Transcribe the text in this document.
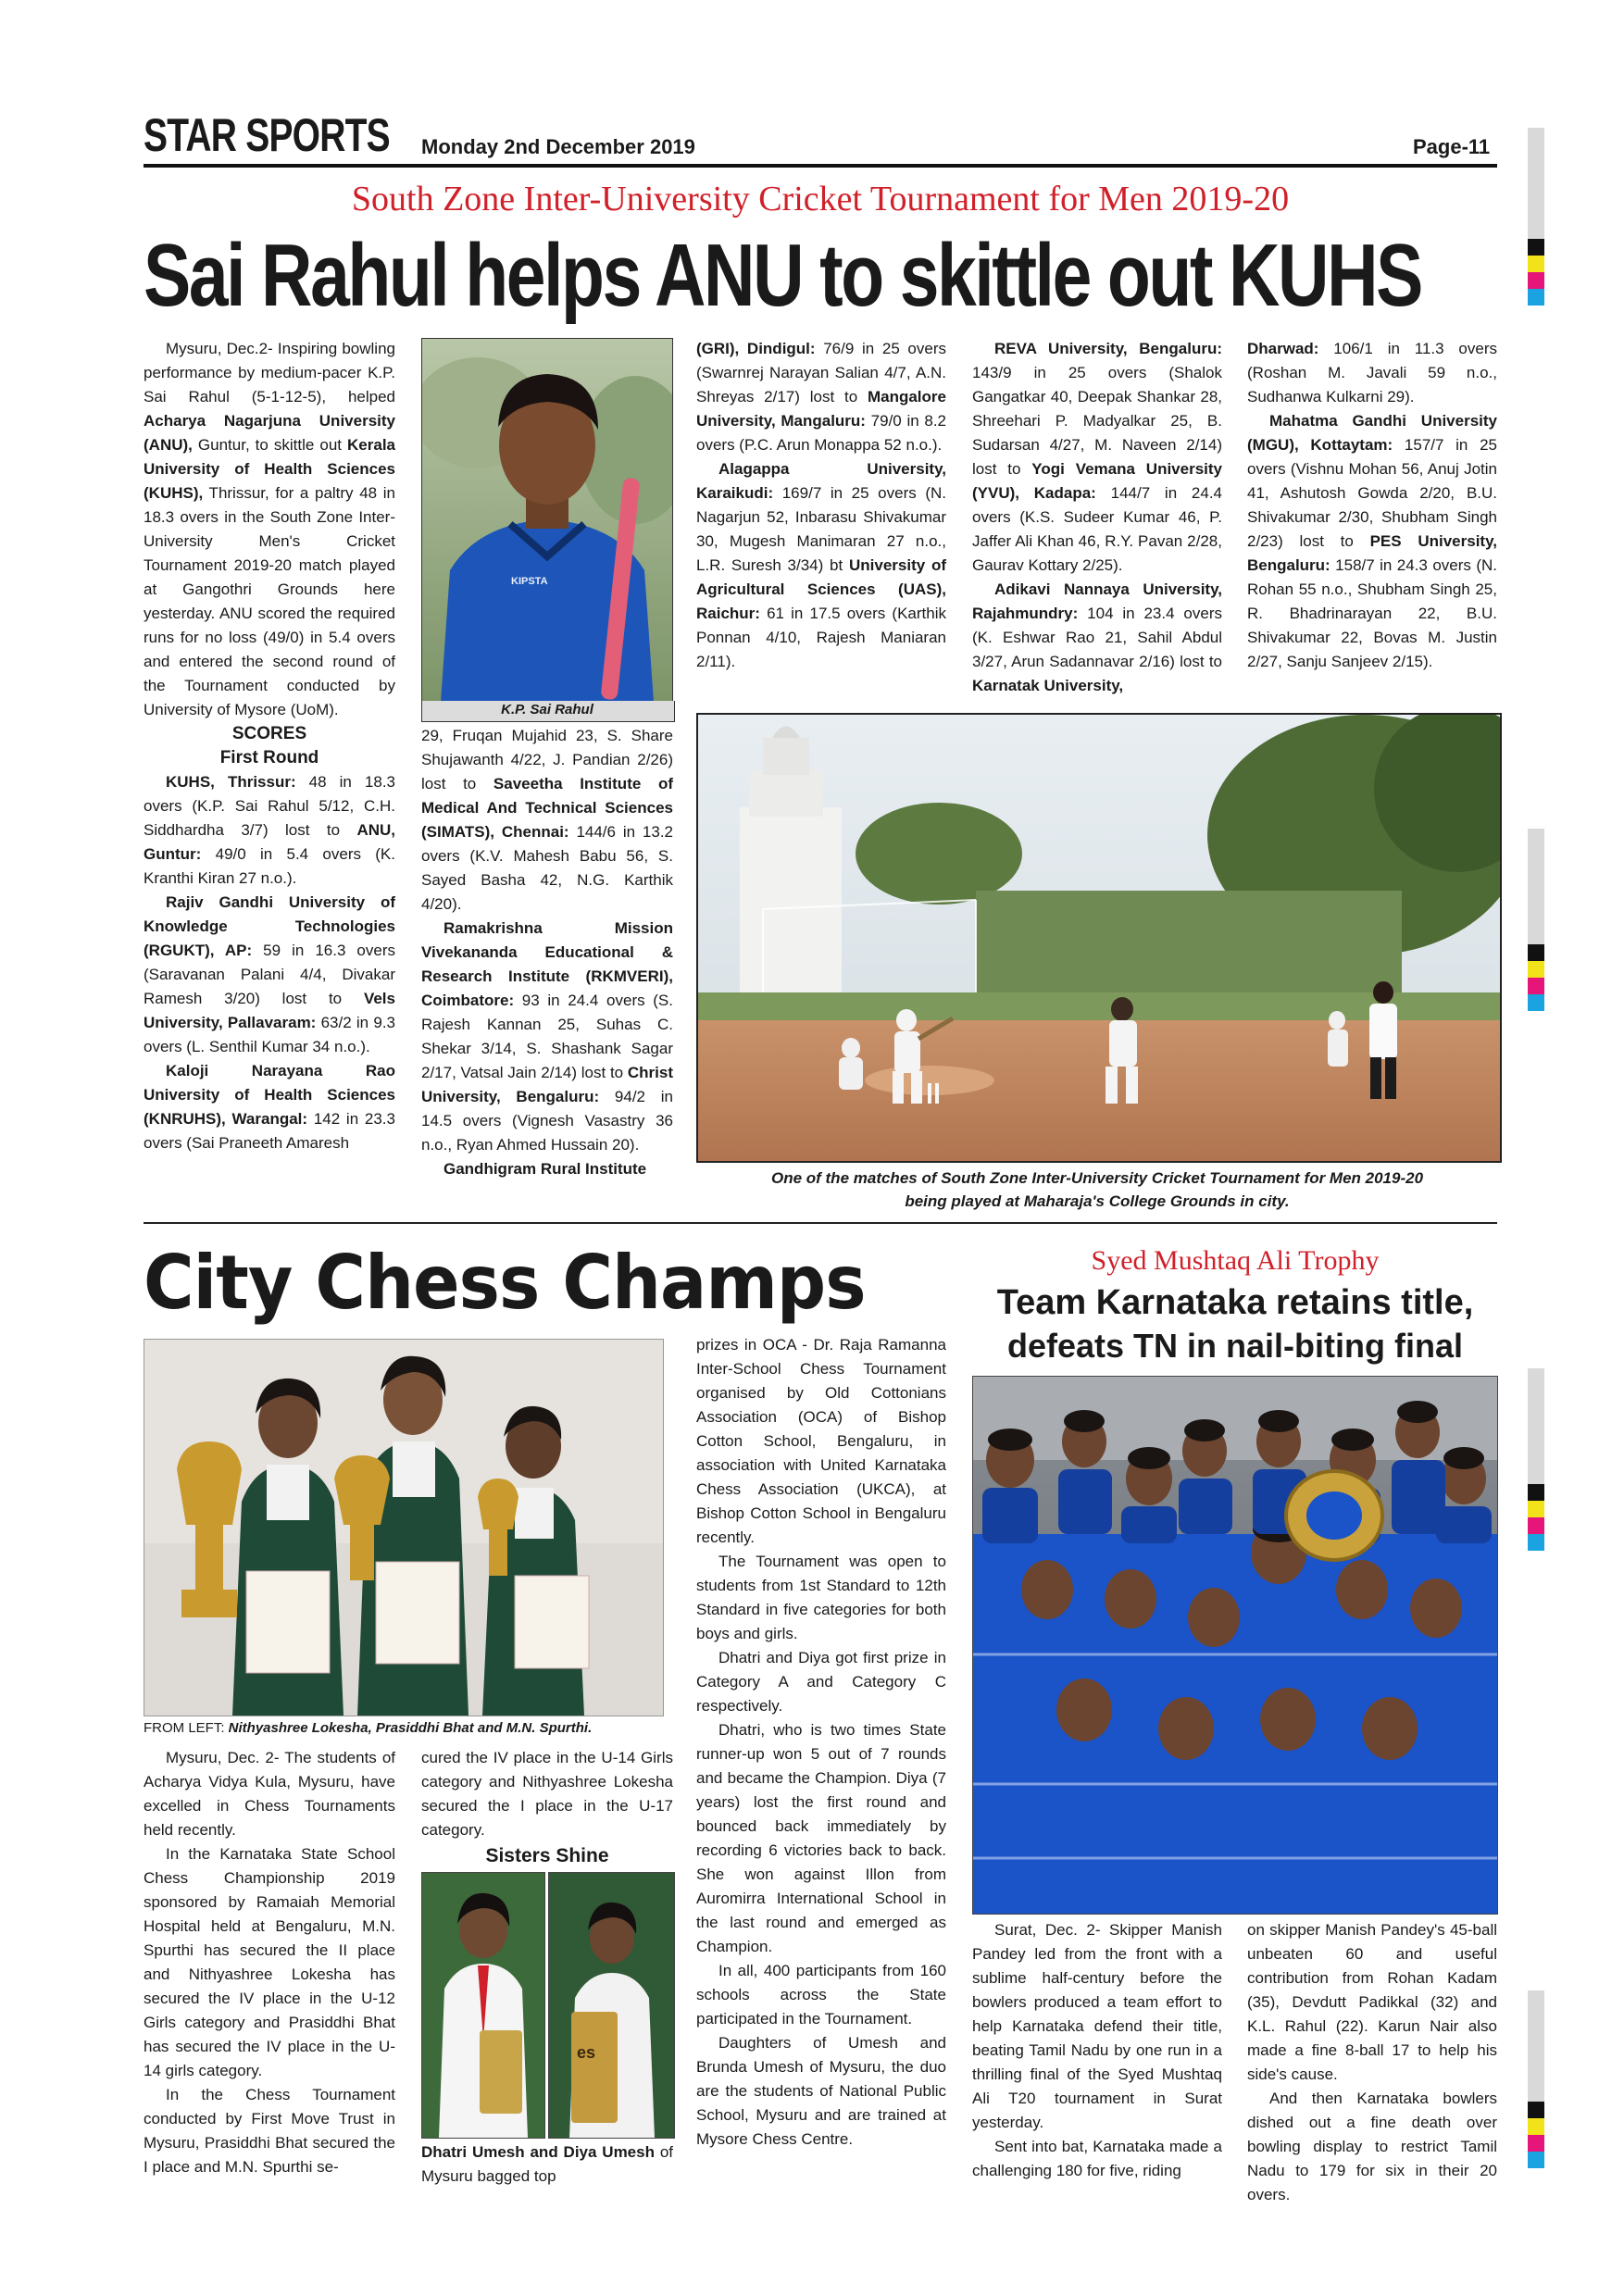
STAR SPORTS Monday 2nd December 2019	Page-11
South Zone Inter-University Cricket Tournament for Men 2019-20
Sai Rahul helps ANU to skittle out KUHS

Mysuru, Dec.2- Inspiring bowling performance by medium-pacer K.P. Sai Rahul (5-1-12-5), helped Acharya Nagarjuna University (ANU), Guntur, to skittle out Kerala University of Health Sciences (KUHS), Thrissur, for a paltry 48 in 18.3 overs in the South Zone Inter-University Men's Cricket Tournament 2019-20 match played at Gangothri Grounds here yesterday. ANU scored the required runs for no loss (49/0) in 5.4 overs and entered the second round of the Tournament conducted by University of Mysore (UoM).

SCORES
First Round

KUHS, Thrissur: 48 in 18.3 overs (K.P. Sai Rahul 5/12, C.H. Siddhardha 3/7) lost to ANU, Guntur: 49/0 in 5.4 overs (K. Kranthi Kiran 27 n.o.).

Rajiv Gandhi University of Knowledge Technologies (RGUKT), AP: 59 in 16.3 overs (Saravanan Palani 4/4, Divakar Ramesh 3/20) lost to Vels University, Pallavaram: 63/2 in 9.3 overs (L. Senthil Kumar 34 n.o.).

Kaloji Narayana Rao University of Health Sciences (KNRUHS), Warangal: 142 in 23.3 overs (Sai Praneeth Amaresh

KIPSTA
K.P. Sai Rahul

29, Fruqan Mujahid 23, S. Share Shujawanth 4/22, J. Pandian 2/26) lost to Saveetha Institute of Medical And Technical Sciences (SIMATS), Chennai: 144/6 in 13.2 overs (K.V. Mahesh Babu 56, S. Sayed Basha 42, N.G. Karthik 4/20).

Ramakrishna Mission Vivekananda Educational & Research Institute (RKMVERI), Coimbatore: 93 in 24.4 overs (S. Rajesh Kannan 25, Suhas C. Shekar 3/14, S. Shashank Sagar 2/17, Vatsal Jain 2/14) lost to Christ University, Bengaluru: 94/2 in 14.5 overs (Vignesh Vasastry 36 n.o., Ryan Ahmed Hussain 20).

Gandhigram Rural Institute

(GRI), Dindigul: 76/9 in 25 overs (Swarnrej Narayan Salian 4/7, A.N. Shreyas 2/17) lost to Mangalore University, Mangaluru: 79/0 in 8.2 overs (P.C. Arun Monappa 52 n.o.).

Alagappa University, Karaikudi: 169/7 in 25 overs (N. Nagarjun 52, Inbarasu Shivakumar 30, Mugesh Manimaran 27 n.o., L.R. Suresh 3/34) bt University of Agricultural Sciences (UAS), Raichur: 61 in 17.5 overs (Karthik Ponnan 4/10, Rajesh Maniaran 2/11).

REVA University, Bengaluru: 143/9 in 25 overs (Shalok Gangatkar 40, Deepak Shankar 28, Shreehari P. Madyalkar 25, B. Sudarsan 4/27, M. Naveen 2/14) lost to Yogi Vemana University (YVU), Kadapa: 144/7 in 24.4 overs (K.S. Sudeer Kumar 46, P. Jaffer Ali Khan 46, R.Y. Pavan 2/28, Gaurav Kottary 2/25).

Adikavi Nannaya University, Rajahmundry: 104 in 23.4 overs (K. Eshwar Rao 21, Sahil Abdul 3/27, Arun Sadannavar 2/16) lost to Karnatak University,

Dharwad: 106/1 in 11.3 overs (Roshan M. Javali 59 n.o., Sudhanwa Kulkarni 29).

Mahatma Gandhi University (MGU), Kottaytam: 157/7 in 25 overs (Vishnu Mohan 56, Anuj Jotin 41, Ashutosh Gowda 2/20, B.U. Shivakumar 2/30, Shubham Singh 2/23) lost to PES University, Bengaluru: 158/7 in 24.3 overs (N. Rohan 55 n.o., Shubham Singh 25, R. Bhadrinarayan 22, B.U. Shivakumar 22, Bovas M. Justin 2/27, Sanju Sanjeev 2/15).

One of the matches of South Zone Inter-University Cricket Tournament for Men 2019-20
being played at Maharaja's College Grounds in city.
City Chess Champs
FROM LEFT: Nithyashree Lokesha, Prasiddhi Bhat and M.N. Spurthi.

Mysuru, Dec. 2- The students of Acharya Vidya Kula, Mysuru, have excelled in Chess Tournaments held recently.

In the Karnataka State School Chess Championship 2019 sponsored by Ramaiah Memorial Hospital held at Bengaluru, M.N. Spurthi has secured the II place and Nithyashree Lokesha has secured the IV place in the U-12 Girls category and Prasiddhi Bhat has secured the IV place in the U-14 girls category.

In the Chess Tournament conducted by First Move Trust in Mysuru, Prasiddhi Bhat secured the I place and M.N. Spurthi se-

cured the IV place in the U-14 Girls category and Nithyashree Lokesha secured the I place in the U-17 category.

Sisters Shine
es

Dhatri Umesh and Diya Umesh of Mysuru bagged top

prizes in OCA - Dr. Raja Ramanna Inter-School Chess Tournament organised by Old Cottonians Association (OCA) of Bishop Cotton School, Bengaluru, in association with United Karnataka Chess Association (UKCA), at Bishop Cotton School in Bengaluru recently.

The Tournament was open to students from 1st Standard to 12th Standard in five categories for both boys and girls.

Dhatri and Diya got first prize in Category A and Category C respectively.

Dhatri, who is two times State runner-up won 5 out of 7 rounds and became the Champion. Diya (7 years) lost the first round and bounced back immediately by recording 6 victories back to back. She won against Illon from Auromirra International School in the last round and emerged as Champion.

In all, 400 participants from 160 schools across the State participated in the Tournament.

Daughters of Umesh and Brunda Umesh of Mysuru, the duo are the students of National Public School, Mysuru and are trained at Mysore Chess Centre.

Syed Mushtaq Ali Trophy
Team Karnataka retains title,
defeats TN in nail-biting final

Surat, Dec. 2- Skipper Manish Pandey led from the front with a sublime half-century before the bowlers produced a team effort to help Karnataka defend their title, beating Tamil Nadu by one run in a thrilling final of the Syed Mushtaq Ali T20 tournament in Surat yesterday.

Sent into bat, Karnataka made a challenging 180 for five, riding

on skipper Manish Pandey's 45-ball unbeaten 60 and useful contribution from Rohan Kadam (35), Devdutt Padikkal (32) and K.L. Rahul (22). Karun Nair also made a fine 8-ball 17 to help his side's cause.

And then Karnataka bowlers dished out a fine death over bowling display to restrict Tamil Nadu to 179 for six in their 20 overs.
